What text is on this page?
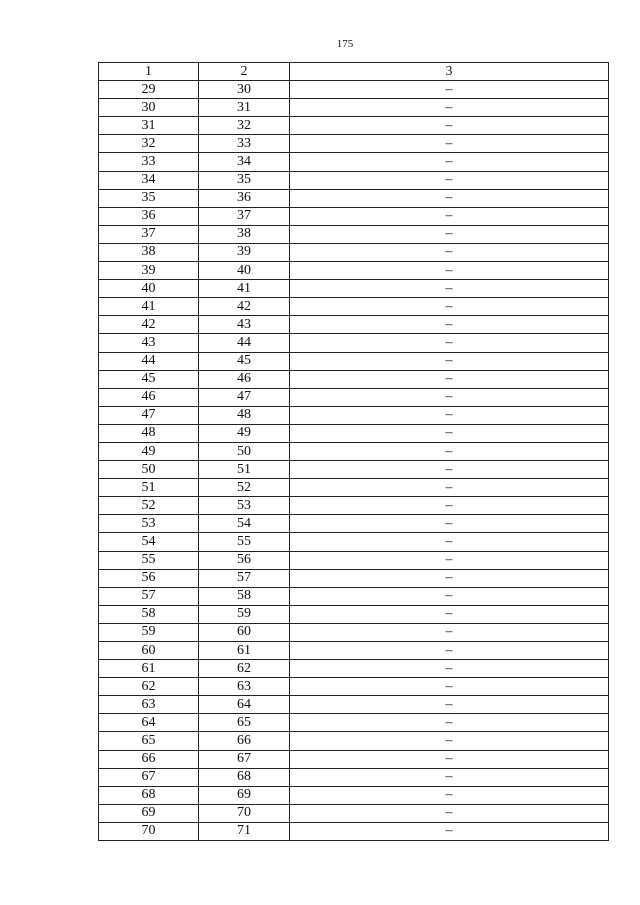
175
1	2	3
29	30	–
30	31	–
31	32	–
32	33	–
33	34	–
34	35	–
35	36	–
36	37	–
37	38	–
38	39	–
39	40	–
40	41	–
41	42	–
42	43	–
43	44	–
44	45	–
45	46	–
46	47	–
47	48	–
48	49	–
49	50	–
50	51	–
51	52	–
52	53	–
53	54	–
54	55	–
55	56	–
56	57	–
57	58	–
58	59	–
59	60	–
60	61	–
61	62	–
62	63	–
63	64	–
64	65	–
65	66	–
66	67	–
67	68	–
68	69	–
69	70	–
70	71	–
